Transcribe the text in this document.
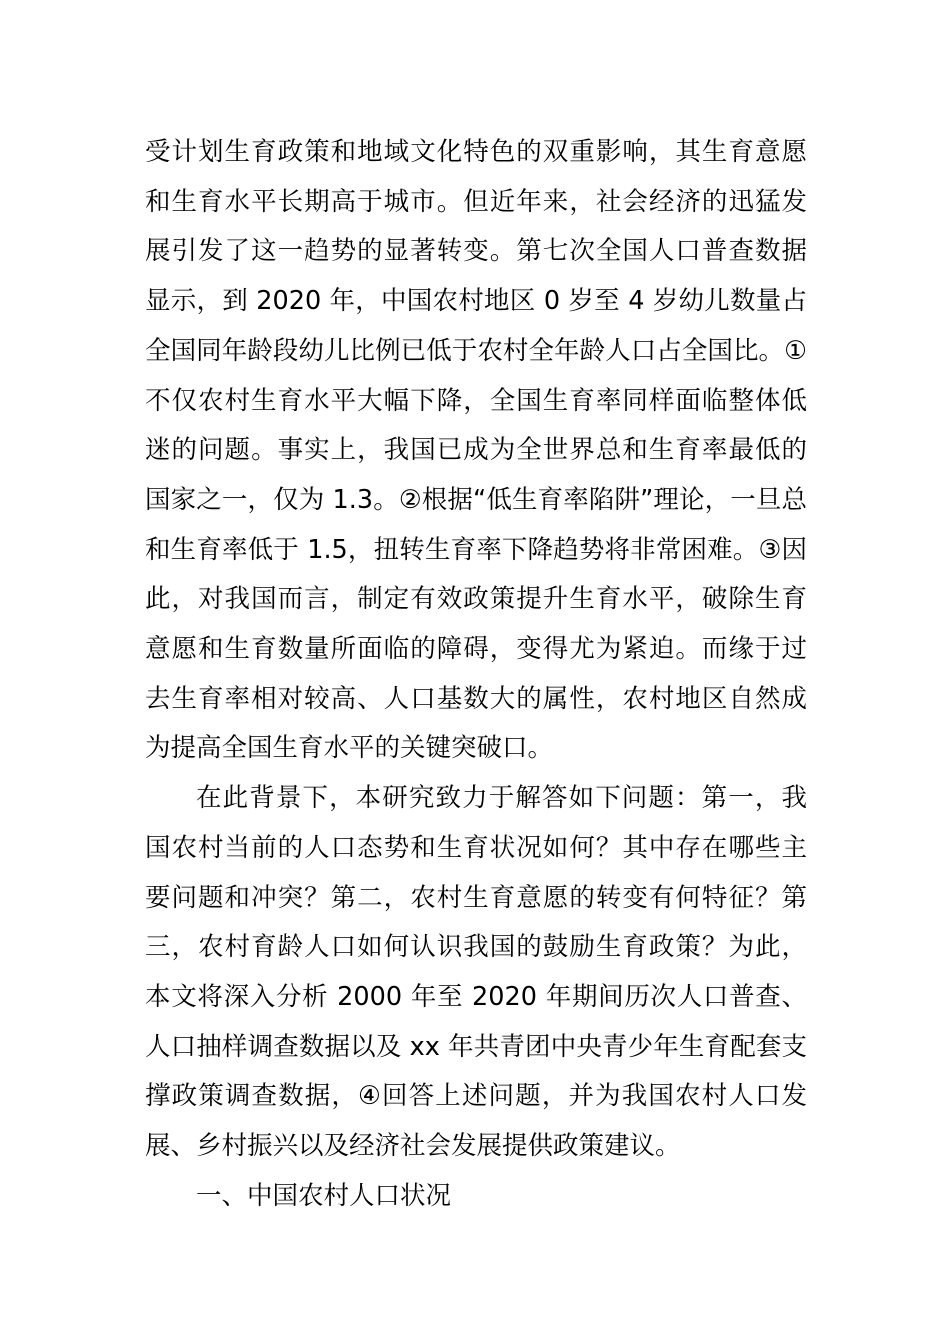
受计划生育政策和地域文化特色的双重影响，其生育意愿和生育水平长期高于城市。但近年来，社会经济的迅猛发展引发了这一趋势的显著转变。第七次全国人口普查数据显示，到 2020 年，中国农村地区 0 岁至 4 岁幼儿数量占全国同年龄段幼儿比例已低于农村全年龄人口占全国比。①不仅农村生育水平大幅下降，全国生育率同样面临整体低迷的问题。事实上，我国已成为全世界总和生育率最低的国家之一，仅为 1.3。②根据“低生育率陷阱”理论，一旦总和生育率低于 1.5，扭转生育率下降趋势将非常困难。③因此，对我国而言，制定有效政策提升生育水平，破除生育意愿和生育数量所面临的障碍，变得尤为紧迫。而缘于过去生育率相对较高、人口基数大的属性，农村地区自然成为提高全国生育水平的关键突破口。

在此背景下，本研究致力于解答如下问题：第一，我国农村当前的人口态势和生育状况如何？其中存在哪些主要问题和冲突？第二，农村生育意愿的转变有何特征？第三，农村育龄人口如何认识我国的鼓励生育政策？为此，本文将深入分析 2000 年至 2020 年期间历次人口普查、人口抽样调查数据以及 xx 年共青团中央青少年生育配套支撑政策调查数据，④回答上述问题，并为我国农村人口发展、乡村振兴以及经济社会发展提供政策建议。

一、中国农村人口状况
